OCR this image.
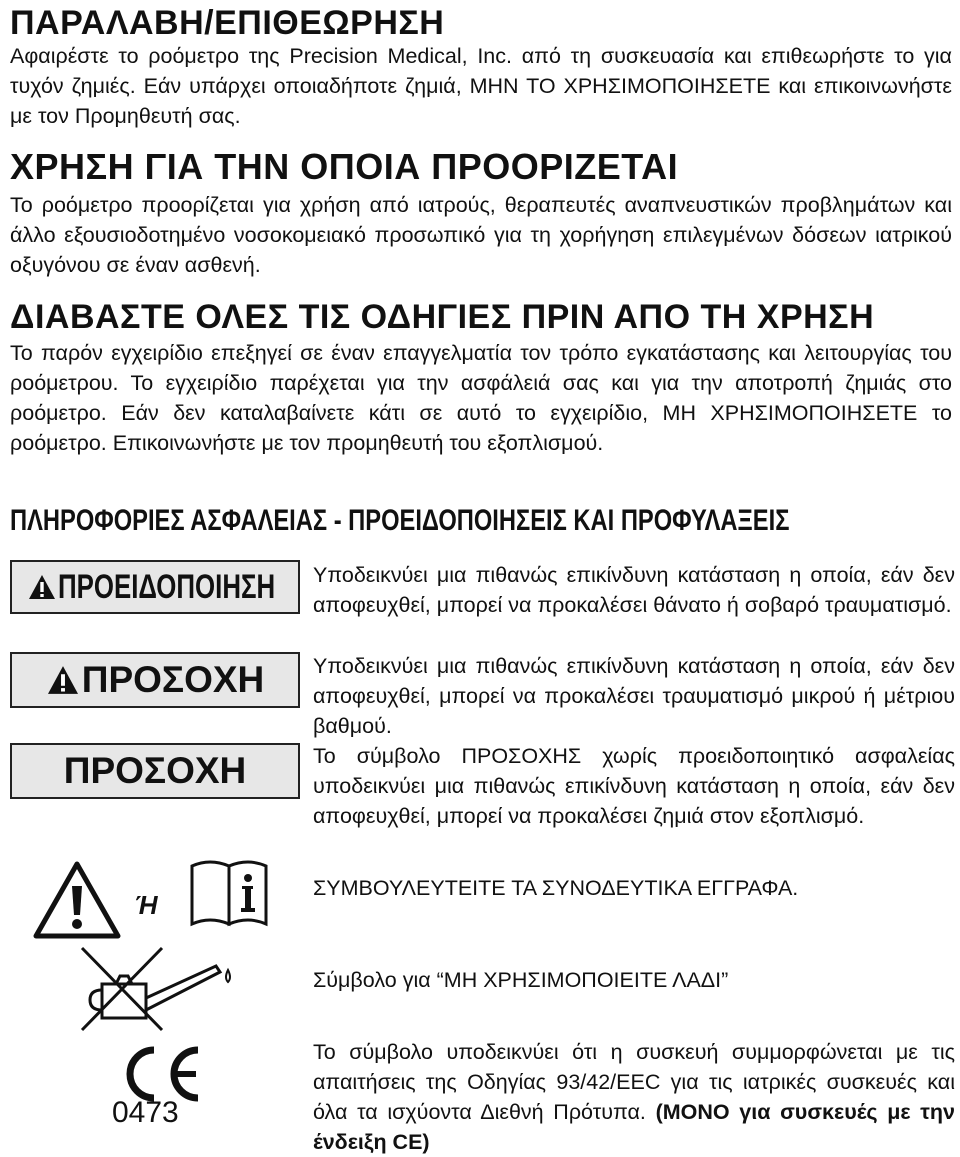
ΠΑΡΑΛΑΒΗ/ΕΠΙΘΕΩΡΗΣΗ
Αφαιρέστε το ροόμετρο της Precision Medical, Inc. από τη συσκευασία και επιθεωρήστε το για τυχόν ζημιές. Εάν υπάρχει οποιαδήποτε ζημιά, ΜΗΝ ΤΟ ΧΡΗΣΙΜΟΠΟΙΗΣΕΤΕ και επικοινωνήστε με τον Προμηθευτή σας.
ΧΡΗΣΗ ΓΙΑ ΤΗΝ ΟΠΟΙΑ ΠΡΟΟΡΙΖΕΤΑΙ
Το ροόμετρο προορίζεται για χρήση από ιατρούς, θεραπευτές αναπνευστικών προβλημάτων και άλλο εξουσιοδοτημένο νοσοκομειακό προσωπικό για τη χορήγηση επιλεγμένων δόσεων ιατρικού οξυγόνου σε έναν ασθενή.
ΔΙΑΒΑΣΤΕ ΟΛΕΣ ΤΙΣ ΟΔΗΓΙΕΣ ΠΡΙΝ ΑΠΟ ΤΗ ΧΡΗΣΗ
Το παρόν εγχειρίδιο επεξηγεί σε έναν επαγγελματία τον τρόπο εγκατάστασης και λειτουργίας του ροόμετρου. Το εγχειρίδιο παρέχεται για την ασφάλειά σας και για την αποτροπή ζημιάς στο ροόμετρο. Εάν δεν καταλαβαίνετε κάτι σε αυτό το εγχειρίδιο, ΜΗ ΧΡΗΣΙΜΟΠΟΙΗΣΕΤΕ το ροόμετρο. Επικοινωνήστε με τον προμηθευτή του εξοπλισμού.
ΠΛΗΡΟΦΟΡΙΕΣ ΑΣΦΑΛΕΙΑΣ - ΠΡΟΕΙΔΟΠΟΙΗΣΕΙΣ ΚΑΙ ΠΡΟΦΥΛΑΞΕΙΣ
ΠΡΟΕΙΔΟΠΟΙΗΣΗ Υποδεικνύει μια πιθανώς επικίνδυνη κατάσταση η οποία, εάν δεν αποφευχθεί, μπορεί να προκαλέσει θάνατο ή σοβαρό τραυματισμό.
ΠΡΟΣΟΧΗ Υποδεικνύει μια πιθανώς επικίνδυνη κατάσταση η οποία, εάν δεν αποφευχθεί, μπορεί να προκαλέσει τραυματισμό μικρού ή μέτριου βαθμού.
ΠΡΟΣΟΧΗ	Το σύμβολο ΠΡΟΣΟΧΗΣ χωρίς προειδοποιητικό ασφαλείας υποδεικνύει μια πιθανώς επικίνδυνη κατάσταση η οποία, εάν δεν αποφευχθεί, μπορεί να προκαλέσει ζημιά στον εξοπλισμό.
Ή
ΣΥΜΒΟΥΛΕΥΤΕΙΤΕ ΤΑ ΣΥΝΟΔΕΥΤΙΚΑ ΕΓΓΡΑΦΑ.
Σύμβολο για “ΜΗ ΧΡΗΣΙΜΟΠΟΙΕΙΤΕ ΛΑΔΙ”
0473
Το σύμβολο υποδεικνύει ότι η συσκευή συμμορφώνεται με τις απαιτήσεις της Οδηγίας 93/42/EEC για τις ιατρικές συσκευές και όλα τα ισχύοντα Διεθνή Πρότυπα. (ΜΟΝΟ για συσκευές με την ένδειξη CE)
